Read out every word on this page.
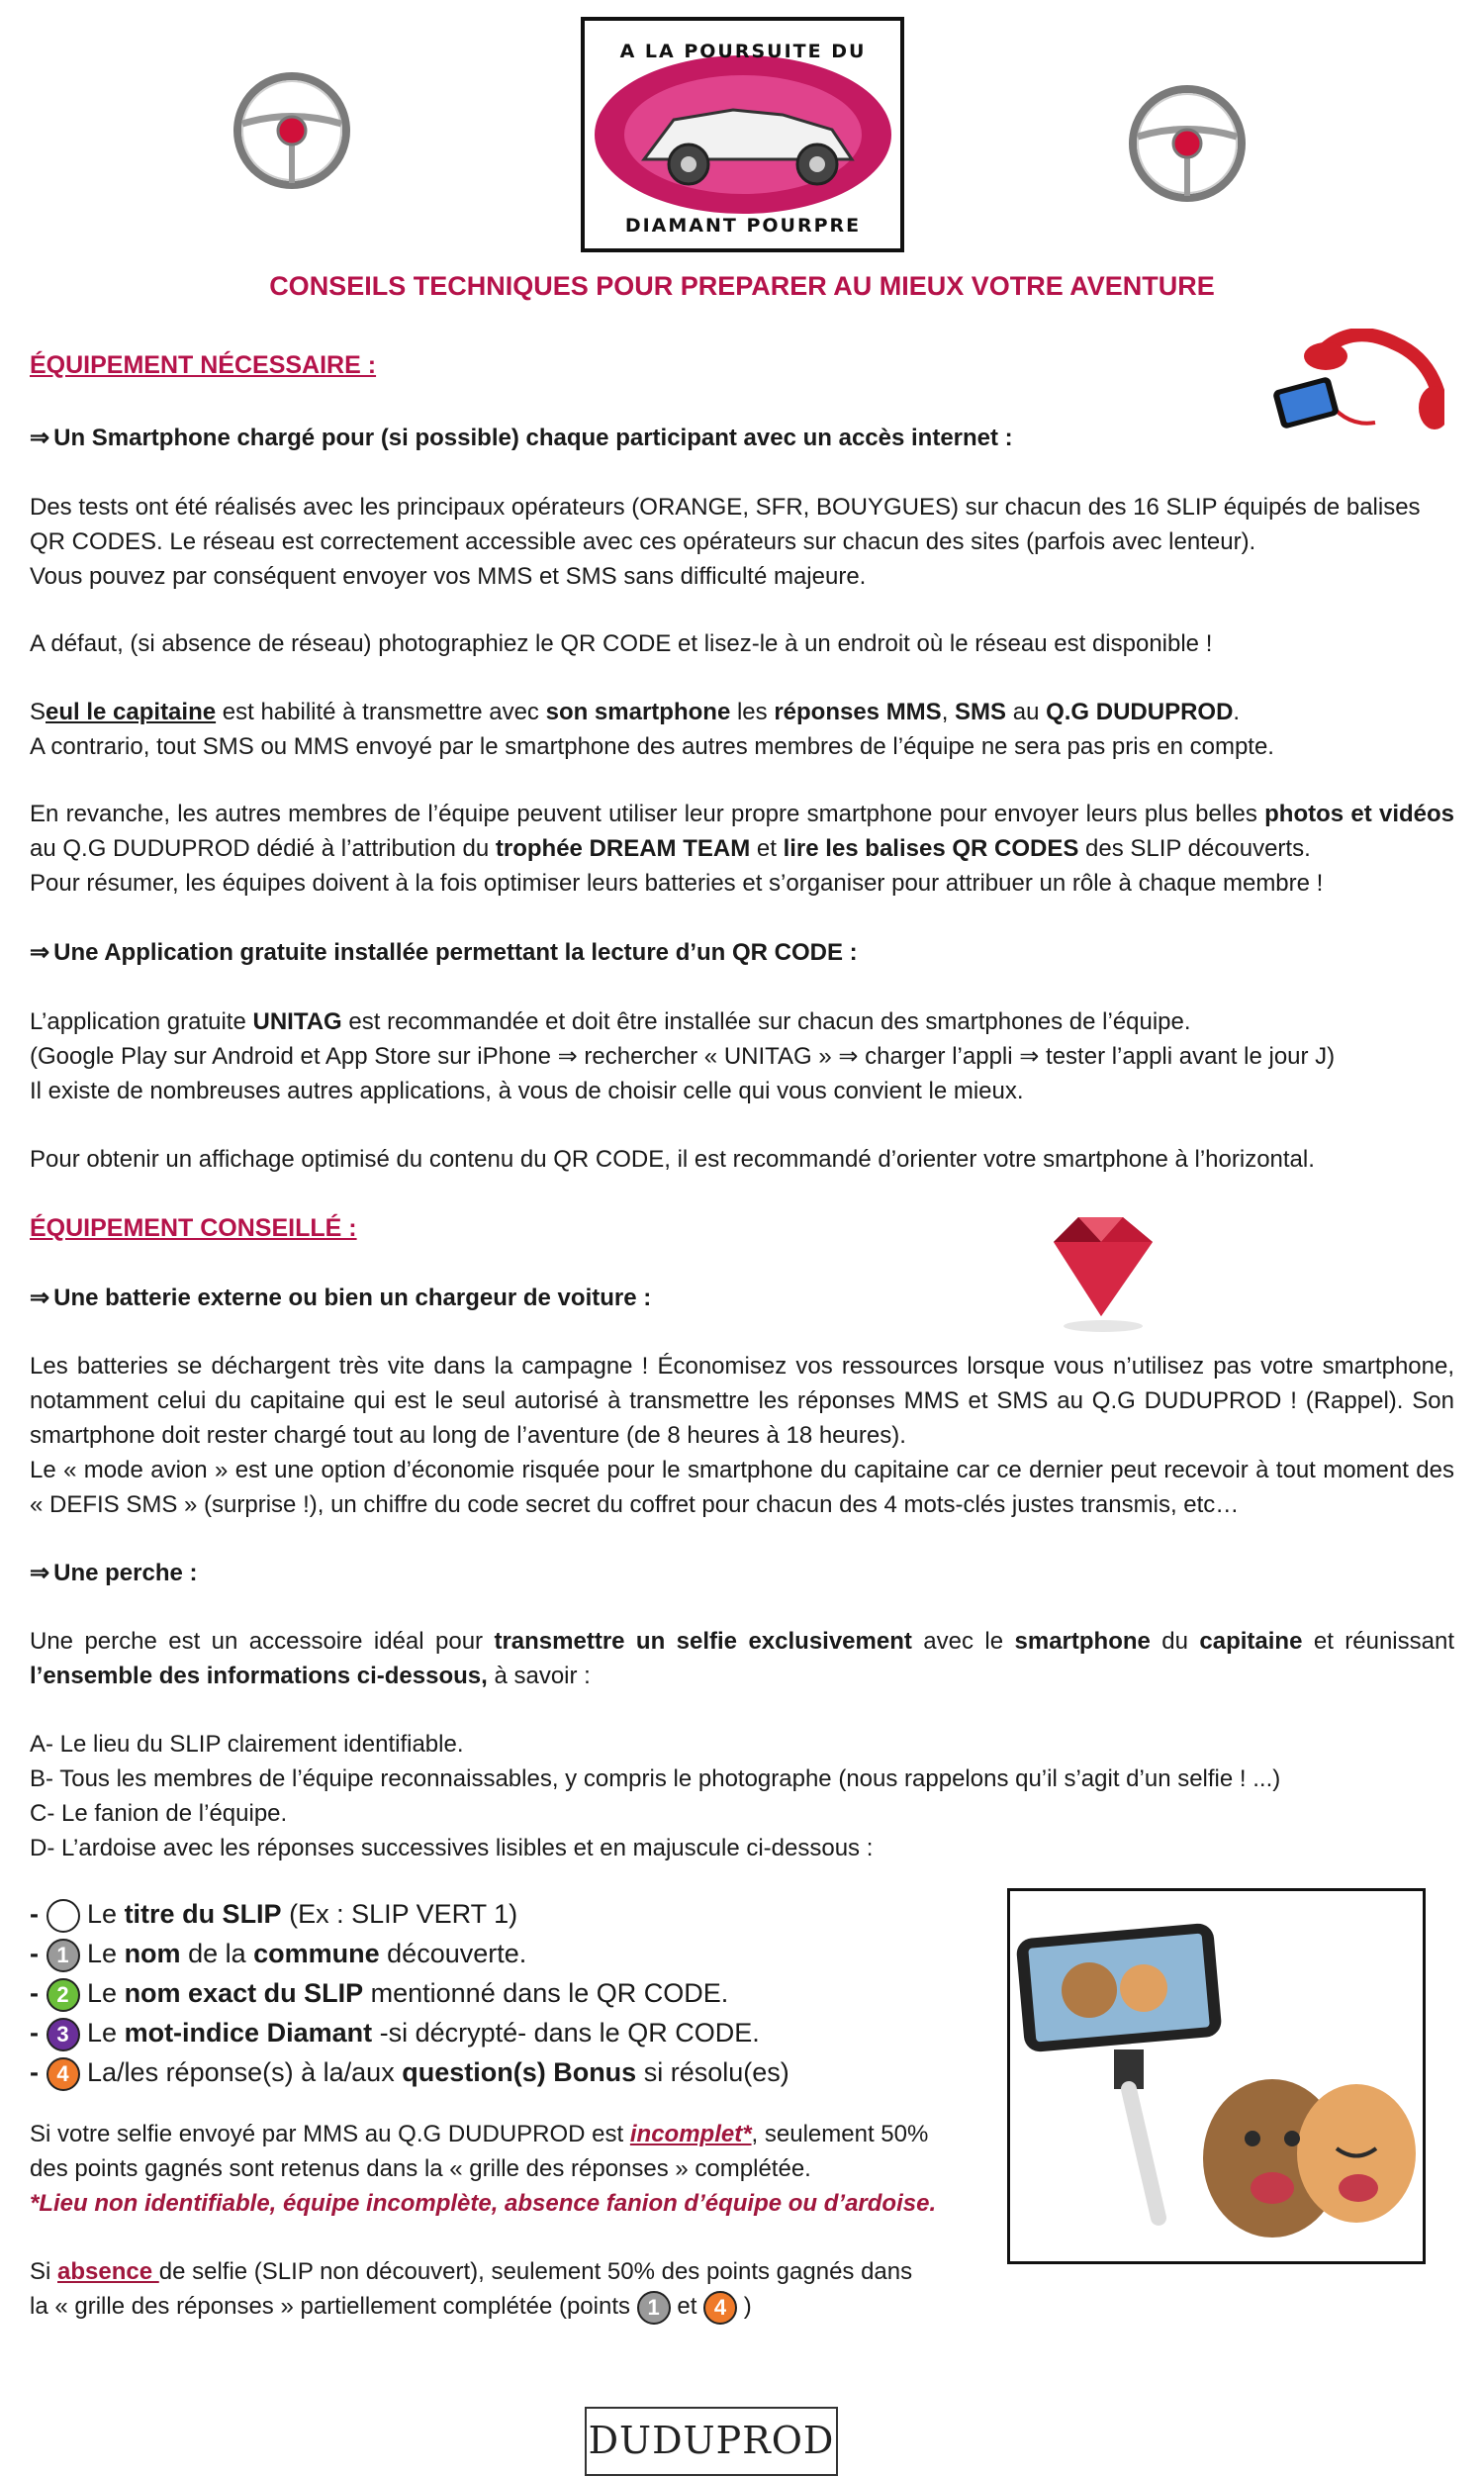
A LA POURSUITE DU
DIAMANT POURPRE
CONSEILS TECHNIQUES POUR PREPARER AU MIEUX VOTRE AVENTURE
ÉQUIPEMENT NÉCESSAIRE :
⇒ Un Smartphone chargé pour (si possible) chaque participant avec un accès internet :
Des tests ont été réalisés avec les principaux opérateurs (ORANGE, SFR, BOUYGUES) sur chacun des 16 SLIP équipés de balises
QR CODES. Le réseau est correctement accessible avec ces opérateurs sur chacun des sites (parfois avec lenteur).
Vous pouvez par conséquent envoyer vos MMS et SMS sans difficulté majeure.
A défaut, (si absence de réseau) photographiez le QR CODE et lisez-le à un endroit où le réseau est disponible !
Seul le capitaine est habilité à transmettre avec son smartphone les réponses MMS, SMS au Q.G DUDUPROD.
A contrario, tout SMS ou MMS envoyé par le smartphone des autres membres de l’équipe ne sera pas pris en compte.
En revanche, les autres membres de l’équipe peuvent utiliser leur propre smartphone pour envoyer leurs plus belles photos et vidéos au Q.G DUDUPROD dédié à l’attribution du trophée DREAM TEAM et lire les balises QR CODES des SLIP découverts.
Pour résumer, les équipes doivent à la fois optimiser leurs batteries et s’organiser pour attribuer un rôle à chaque membre !
⇒ Une Application gratuite installée permettant la lecture d’un QR CODE :
L’application gratuite UNITAG est recommandée et doit être installée sur chacun des smartphones de l’équipe.
(Google Play sur Android et App Store sur iPhone ⇒ rechercher « UNITAG » ⇒ charger l’appli ⇒ tester l’appli avant le jour J)
Il existe de nombreuses autres applications, à vous de choisir celle qui vous convient le mieux.
Pour obtenir un affichage optimisé du contenu du QR CODE, il est recommandé d’orienter votre smartphone à l’horizontal.
ÉQUIPEMENT CONSEILLÉ :
⇒ Une batterie externe ou bien un chargeur de voiture :
Les batteries se déchargent très vite dans la campagne ! Économisez vos ressources lorsque vous n’utilisez pas votre smartphone, notamment celui du capitaine qui est le seul autorisé à transmettre les réponses MMS et SMS au Q.G DUDUPROD ! (Rappel). Son smartphone doit rester chargé tout au long de l’aventure (de 8 heures à 18 heures).
Le « mode avion » est une option d’économie risquée pour le smartphone du capitaine car ce dernier peut recevoir à tout moment des « DEFIS SMS » (surprise !), un chiffre du code secret du coffret pour chacun des 4 mots-clés justes transmis, etc…
⇒ Une perche :
Une perche est un accessoire idéal pour transmettre un selfie exclusivement avec le smartphone du capitaine et réunissant l’ensemble des informations ci-dessous, à savoir :
A- Le lieu du SLIP clairement identifiable.
B- Tous les membres de l’équipe reconnaissables, y compris le photographe (nous rappelons qu’il s’agit d’un selfie ! ...)
C- Le fanion de l’équipe.
D- L’ardoise avec les réponses successives lisibles et en majuscule ci-dessous :
-  Le titre du SLIP (Ex : SLIP VERT 1)
- 1 Le nom de la commune découverte.
- 2 Le nom exact du SLIP mentionné dans le QR CODE.
- 3 Le mot-indice Diamant -si décrypté- dans le QR CODE.
- 4 La/les réponse(s) à la/aux question(s) Bonus si résolu(es)
Si votre selfie envoyé par MMS au Q.G DUDUPROD est incomplet*, seulement 50%
des points gagnés sont retenus dans la « grille des réponses » complétée.
*Lieu non identifiable, équipe incomplète, absence fanion d’équipe ou d’ardoise.
Si absence de selfie (SLIP non découvert), seulement 50% des points gagnés dans
la « grille des réponses » partiellement complétée (points 1 et 4 )
DUDUPROD
